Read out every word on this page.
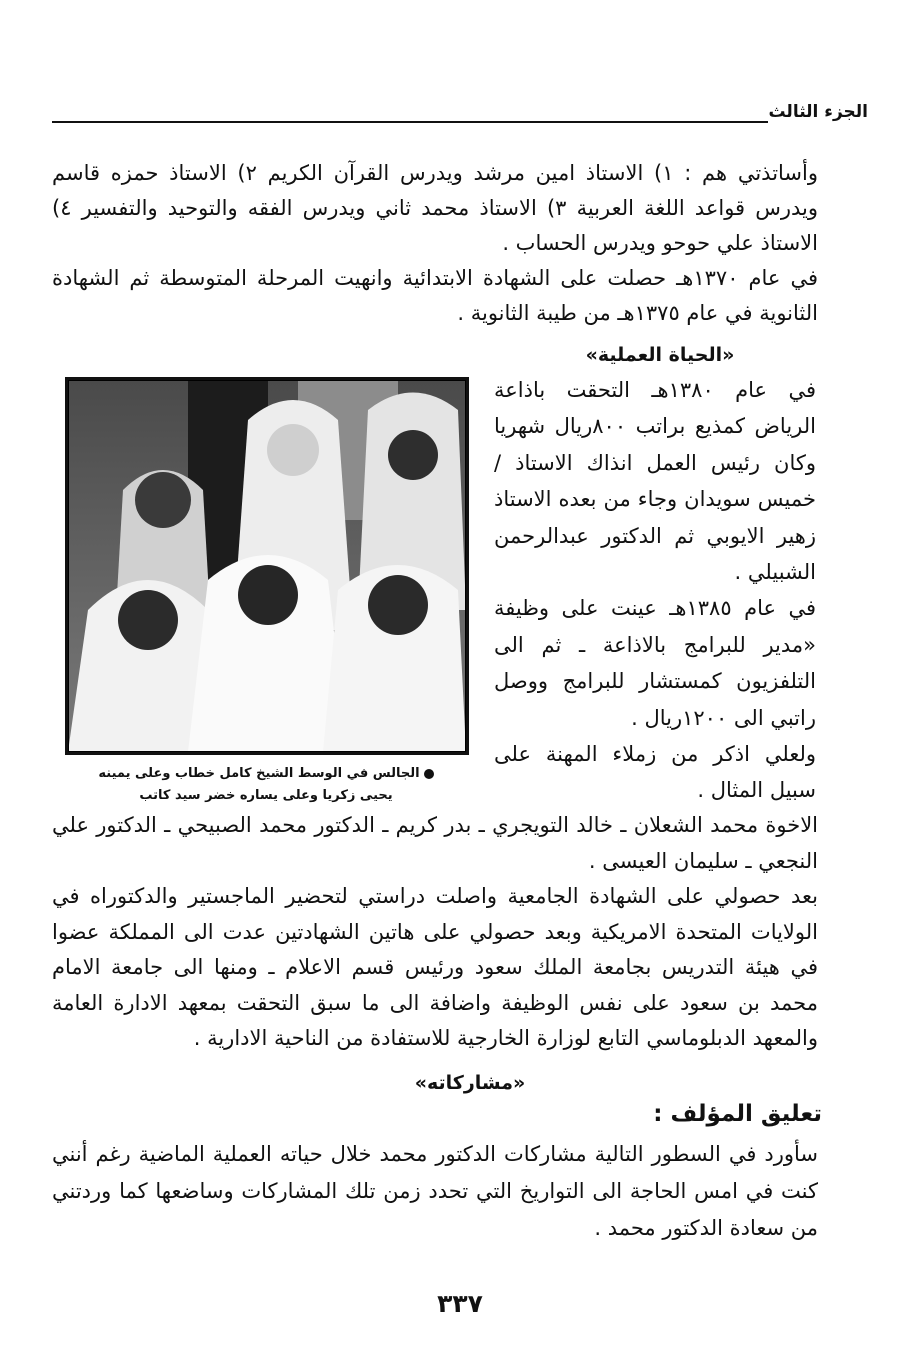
الجزء الثالث

وأساتذتي هم : ١) الاستاذ امين مرشد ويدرس القرآن الكريم ٢) الاستاذ حمزه قاسم ويدرس قواعد اللغة العربية ٣) الاستاذ محمد ثاني ويدرس الفقه والتوحيد والتفسير ٤) الاستاذ علي حوحو ويدرس الحساب .

في عام ١٣٧٠هـ حصلت على الشهادة الابتدائية وانهيت المرحلة المتوسطة ثم الشهادة الثانوية في عام ١٣٧٥هـ من طيبة الثانوية .

«الحياة العملية»

في عام ١٣٨٠هـ التحقت باذاعة الرياض كمذيع براتب ٨٠٠ريال شهريا وكان رئيس العمل انذاك الاستاذ / خميس سويدان وجاء من بعده الاستاذ زهير الايوبي ثم الدكتور عبدالرحمن الشبيلي .

في عام ١٣٨٥هـ عينت على وظيفة «مدير للبرامج بالاذاعة ـ ثم الى التلفزيون كمستشار للبرامج ووصل راتبي الى ١٢٠٠ريال .

ولعلي اذكر من زملاء المهنة على سبيل المثال .

الجالس في الوسط الشيخ كامل خطاب وعلى يمينه
يحيى زكريا وعلى يساره خضر سيد كاتب

الاخوة محمد الشعلان ـ خالد التويجري ـ بدر كريم ـ الدكتور محمد الصبيحي ـ الدكتور علي النجعي ـ سليمان العيسى .

بعد حصولي على الشهادة الجامعية واصلت دراستي لتحضير الماجستير والدكتوراه في الولايات المتحدة الامريكية وبعد حصولي على هاتين الشهادتين عدت الى المملكة عضوا في هيئة التدريس بجامعة الملك سعود ورئيس قسم الاعلام ـ ومنها الى جامعة الامام محمد بن سعود على نفس الوظيفة واضافة الى ما سبق التحقت بمعهد الادارة العامة والمعهد الدبلوماسي التابع لوزارة الخارجية للاستفادة من الناحية الادارية .

«مشاركاته»
تعليق المؤلف :

سأورد في السطور التالية مشاركات الدكتور محمد خلال حياته العملية الماضية رغم أنني كنت في امس الحاجة الى التواريخ التي تحدد زمن تلك المشاركات وساضعها كما وردتني من سعادة الدكتور محمد .

٣٣٧
